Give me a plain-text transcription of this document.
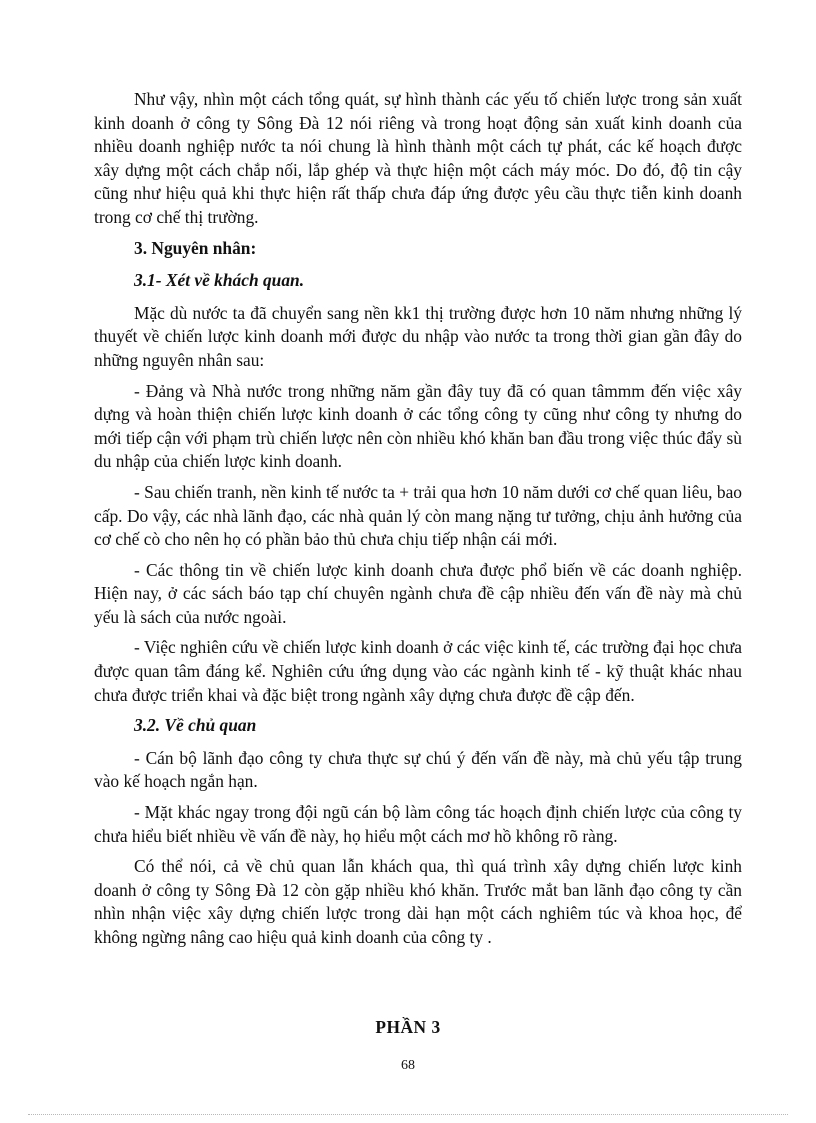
Như vậy, nhìn một cách tổng quát, sự hình thành các yếu tố chiến lược trong sản xuất kinh doanh ở công ty Sông Đà 12 nói riêng và trong hoạt động sản xuất kinh doanh của nhiều doanh nghiệp nước ta nói chung là hình thành một cách tự phát, các kế hoạch được xây dựng một cách chắp nối, lắp ghép và thực hiện một cách máy móc. Do đó, độ tin cậy cũng như hiệu quả khi thực hiện rất thấp chưa đáp ứng được yêu cầu thực tiễn kinh doanh trong cơ chế thị trường.

3. Nguyên nhân:

3.1- Xét về khách quan.

Mặc dù nước ta đã chuyển sang nền kk1 thị trường được hơn 10 năm nhưng những lý thuyết về chiến lược kinh doanh mới được du nhập vào nước ta trong thời gian gần đây do những nguyên nhân sau:

- Đảng và Nhà nước trong những năm gần đây tuy đã có quan tâmmm đến việc xây dựng và hoàn thiện chiến lược kinh doanh ở các tổng công ty cũng như công ty nhưng do mới tiếp cận với phạm trù chiến lược nên còn nhiều khó khăn ban đầu trong việc thúc đẩy sù du nhập của chiến lược kinh doanh.

- Sau chiến tranh, nền kinh tế nước ta + trải qua hơn 10 năm dưới cơ chế quan liêu, bao cấp. Do vậy, các nhà lãnh đạo, các nhà quản lý còn mang nặng tư tưởng, chịu ảnh hưởng của cơ chế cò cho nên họ có phần bảo thủ chưa chịu tiếp nhận cái mới.

- Các thông tin về chiến lược kinh doanh chưa được phổ biến về các doanh nghiệp. Hiện nay, ở các sách báo tạp chí chuyên ngành chưa đề cập nhiều đến vấn đề này mà chủ yếu là sách của nước ngoài.

- Việc nghiên cứu về chiến lược kinh doanh ở các việc kinh tế, các trường đại học chưa được quan tâm đáng kể. Nghiên cứu ứng dụng vào các ngành kinh tế - kỹ thuật khác nhau chưa được triển khai và đặc biệt trong ngành xây dựng chưa được đề cập đến.

3.2. Về chủ quan

- Cán bộ lãnh đạo công ty chưa thực sự chú ý đến vấn đề này, mà chủ yếu tập trung vào kế hoạch ngắn hạn.

- Mặt khác ngay trong đội ngũ cán bộ làm công tác hoạch định chiến lược của công ty chưa hiểu biết nhiều về vấn đề này, họ hiểu một cách mơ hồ không rõ ràng.

Có thể nói, cả về chủ quan lẫn khách qua, thì quá trình xây dựng chiến lược kinh doanh ở công ty Sông Đà 12 còn gặp nhiều khó khăn. Trước mắt ban lãnh đạo công ty cần nhìn nhận việc xây dựng chiến lược trong dài hạn một cách nghiêm túc và khoa học, để không ngừng nâng cao hiệu quả kinh doanh của công ty .

PHẦN 3
68
